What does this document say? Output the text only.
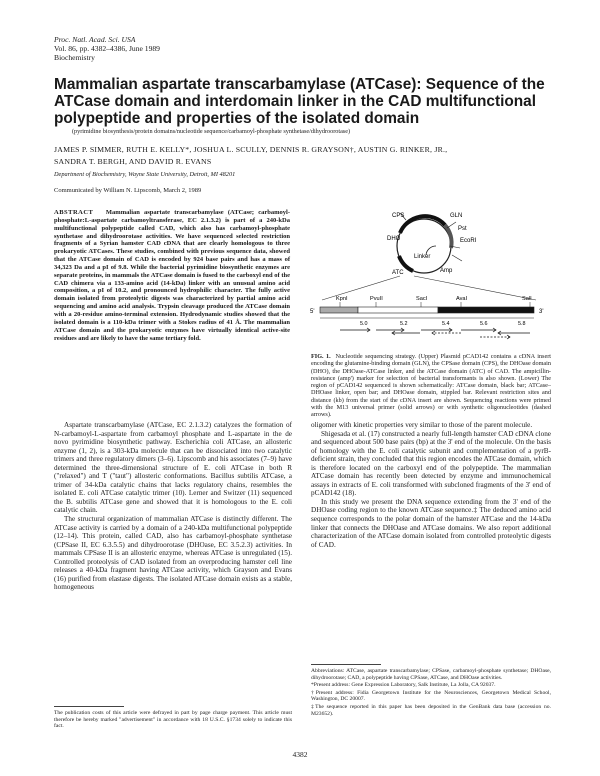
Proc. Natl. Acad. Sci. USA
Vol. 86, pp. 4382–4386, June 1989
Biochemistry
Mammalian aspartate transcarbamylase (ATCase): Sequence of the ATCase domain and interdomain linker in the CAD multifunctional polypeptide and properties of the isolated domain
(pyrimidine biosynthesis/protein domains/nucleotide sequence/carbamoyl-phosphate synthetase/dihydroorotase)
JAMES P. SIMMER, RUTH E. KELLY*, JOSHUA L. SCULLY, DENNIS R. GRAYSON†, AUSTIN G. RINKER, JR.,
SANDRA T. BERGH, AND DAVID R. EVANS
Department of Biochemistry, Wayne State University, Detroit, MI 48201
Communicated by William N. Lipscomb, March 2, 1989
ABSTRACT Mammalian aspartate transcarbamylase (ATCase; carbamoyl-phosphate:L-aspartate carbamoyltransferase, EC 2.1.3.2) is part of a 240-kDa multifunctional polypeptide called CAD, which also has carbamoyl-phosphate synthetase and dihydroorotase activities. We have sequenced selected restriction fragments of a Syrian hamster CAD cDNA that are clearly homologous to three prokaryotic ATCases. These studies, combined with previous sequence data, showed that the ATCase domain of CAD is encoded by 924 base pairs and has a mass of 34,323 Da and a pI of 9.8. While the bacterial pyrimidine biosynthetic enzymes are separate proteins, in mammals the ATCase domain is fused to the carboxyl end of the CAD chimera via a 133-amino acid (14-kDa) linker with an unusual amino acid composition, a pI of 10.2, and pronounced hydrophilic character. The fully active domain isolated from proteolytic digests was characterized by partial amino acid sequencing and amino acid analysis. Trypsin cleavage produced the ATCase domain with a 20-residue amino-terminal extension. Hydrodynamic studies showed that the isolated domain is a 110-kDa trimer with a Stokes radius of 41 Å. The mammalian ATCase domain and the prokaryotic enzymes have virtually identical active-site residues and are likely to have the same tertiary fold.
CPS	GLN
DHO
Linker
ATC
Pst
EcoRI
Amp
KpnI	PvuII	SacI	AvaI	SalI
5'	3'
5.0	5.2	5.4	5.6	5.8
FIG. 1. Nucleotide sequencing strategy. (Upper) Plasmid pCAD142 contains a cDNA insert encoding the glutamine-binding domain (GLN), the CPSase domain (CPS), the DHOase domain (DHO), the DHOase-ATCase linker, and the ATCase domain (ATC) of CAD. The ampicillin-resistance (amp') marker for selection of bacterial transformants is also shown. (Lower) The region of pCAD142 sequenced is shown schematically: ATCase domain, black bar; ATCase–DHOase linker, open bar; and DHOase domain, stippled bar. Relevant restriction sites and distance (kb) from the start of the cDNA insert are shown. Sequencing reactions were primed with the M13 universal primer (solid arrows) or with synthetic oligonucleotides (dashed arrows).

Aspartate transcarbamylase (ATCase, EC 2.1.3.2) catalyzes the formation of N-carbamoyl-L-aspartate from carbamoyl phosphate and L-aspartate in the de novo pyrimidine biosynthetic pathway. Escherichia coli ATCase, an allosteric enzyme (1, 2), is a 303-kDa molecule that can be dissociated into two catalytic trimers and three regulatory dimers (3–6). Lipscomb and his associates (7–9) have determined the three-dimensional structure of E. coli ATCase in both R ("relaxed") and T ("taut") allosteric conformations. Bacillus subtilis ATCase, a trimer of 34-kDa catalytic chains that lacks regulatory chains, resembles the isolated E. coli ATCase catalytic trimer (10). Lerner and Switzer (11) sequenced the B. subtilis ATCase gene and showed that it is homologous to the E. coli catalytic chain.

The structural organization of mammalian ATCase is distinctly different. The ATCase activity is carried by a domain of a 240-kDa multifunctional polypeptide (12–14). This protein, called CAD, also has carbamoyl-phosphate synthetase (CPSase II, EC 6.3.5.5) and dihydroorotase (DHOase, EC 3.5.2.3) activities. In mammals CPSase II is an allosteric enzyme, whereas ATCase is unregulated (15). Controlled proteolysis of CAD isolated from an overproducing hamster cell line releases a 40-kDa fragment having ATCase activity, which Grayson and Evans (16) purified from elastase digests. The isolated ATCase domain exists as a stable, homogeneous

oligomer with kinetic properties very similar to those of the parent molecule.

Shigesada et al. (17) constructed a nearly full-length hamster CAD cDNA clone and sequenced about 500 base pairs (bp) at the 3' end of the molecule. On the basis of homology with the E. coli catalytic subunit and complementation of a pyrB-deficient strain, they concluded that this region encodes the ATCase domain, which is therefore located on the carboxyl end of the polypeptide. The mammalian ATCase domain has recently been detected by enzyme and immunochemical assays in extracts of E. coli transformed with subcloned fragments of the 3' end of pCAD142 (18).

In this study we present the DNA sequence extending from the 3' end of the DHOase coding region to the known ATCase sequence.‡ The deduced amino acid sequence corresponds to the polar domain of the hamster ATCase and the 14-kDa linker that connects the DHOase and ATCase domains. We also report additional characterization of the ATCase domain isolated from controlled proteolytic digests of CAD.

The publication costs of this article were defrayed in part by page charge payment. This article must therefore be hereby marked "advertisement" in accordance with 18 U.S.C. §1734 solely to indicate this fact.
Abbreviations: ATCase, aspartate transcarbamylase; CPSase, carbamoyl-phosphate synthetase; DHOase, dihydroorotase; CAD, a polypeptide having CPSase, ATCase, and DHOase activities.
*Present address: Gene Expression Laboratory, Salk Institute, La Jolla, CA 92037.
†Present address: Fidia Georgetown Institute for the Neurosciences, Georgetown Medical School, Washington, DC 20007.
‡The sequence reported in this paper has been deposited in the GenBank data base (accession no. M23652).
4382
